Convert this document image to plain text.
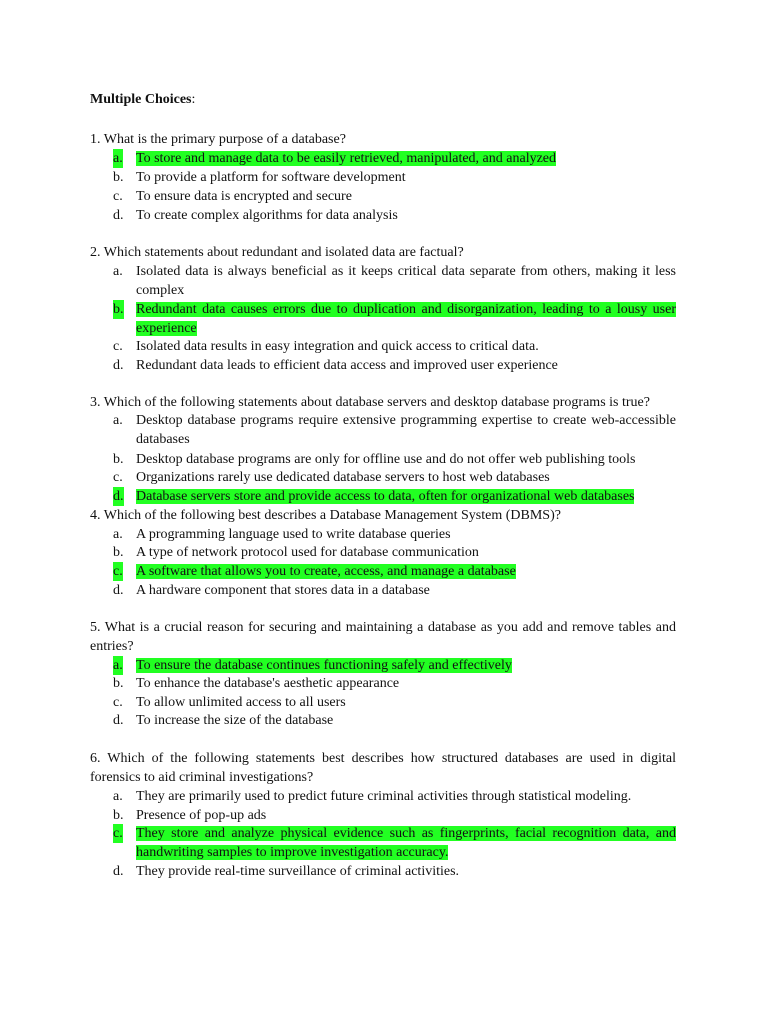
Multiple Choices:
1. What is the primary purpose of a database?
a. To store and manage data to be easily retrieved, manipulated, and analyzed
b. To provide a platform for software development
c. To ensure data is encrypted and secure
d. To create complex algorithms for data analysis
2. Which statements about redundant and isolated data are factual?
a. Isolated data is always beneficial as it keeps critical data separate from others, making it less complex
b. Redundant data causes errors due to duplication and disorganization, leading to a lousy user experience
c. Isolated data results in easy integration and quick access to critical data.
d. Redundant data leads to efficient data access and improved user experience
3. Which of the following statements about database servers and desktop database programs is true?
a. Desktop database programs require extensive programming expertise to create web-accessible databases
b. Desktop database programs are only for offline use and do not offer web publishing tools
c. Organizations rarely use dedicated database servers to host web databases
d. Database servers store and provide access to data, often for organizational web databases
4. Which of the following best describes a Database Management System (DBMS)?
a. A programming language used to write database queries
b. A type of network protocol used for database communication
c. A software that allows you to create, access, and manage a database
d. A hardware component that stores data in a database
5. What is a crucial reason for securing and maintaining a database as you add and remove tables and entries?
a. To ensure the database continues functioning safely and effectively
b. To enhance the database's aesthetic appearance
c. To allow unlimited access to all users
d. To increase the size of the database
6. Which of the following statements best describes how structured databases are used in digital forensics to aid criminal investigations?
a. They are primarily used to predict future criminal activities through statistical modeling.
b. Presence of pop-up ads
c. They store and analyze physical evidence such as fingerprints, facial recognition data, and handwriting samples to improve investigation accuracy.
d. They provide real-time surveillance of criminal activities.
